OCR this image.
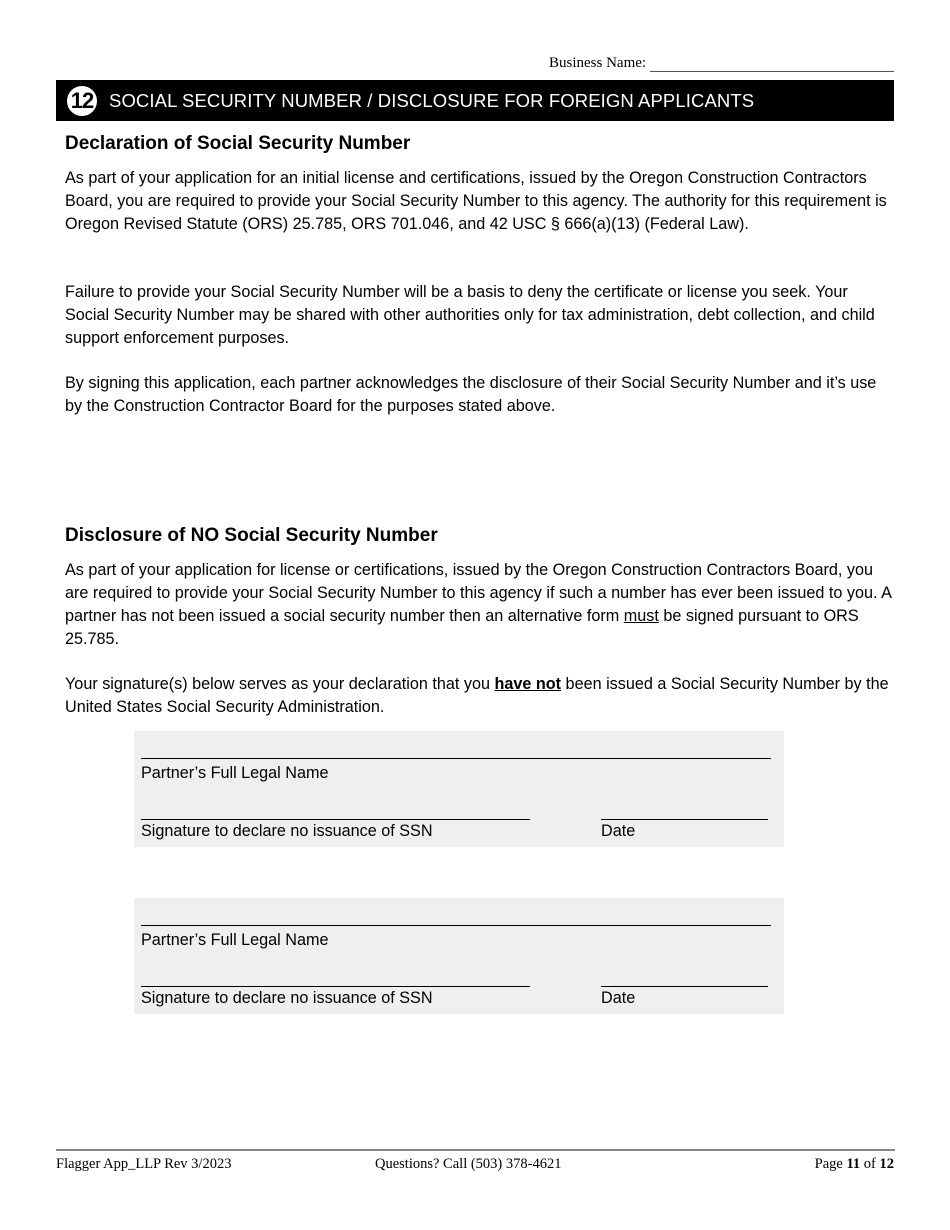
Business Name:
12 SOCIAL SECURITY NUMBER / DISCLOSURE FOR FOREIGN APPLICANTS
Declaration of Social Security Number
As part of your application for an initial license and certifications, issued by the Oregon Construction Contractors Board, you are required to provide your Social Security Number to this agency. The authority for this requirement is Oregon Revised Statute (ORS) 25.785, ORS 701.046, and 42 USC § 666(a)(13) (Federal Law).
Failure to provide your Social Security Number will be a basis to deny the certificate or license you seek. Your Social Security Number may be shared with other authorities only for tax administration, debt collection, and child support enforcement purposes.
By signing this application, each partner acknowledges the disclosure of their Social Security Number and it’s use by the Construction Contractor Board for the purposes stated above.
Disclosure of NO Social Security Number
As part of your application for license or certifications, issued by the Oregon Construction Contractors Board, you are required to provide your Social Security Number to this agency if such a number has ever been issued to you. A partner has not been issued a social security number then an alternative form must be signed pursuant to ORS 25.785.
Your signature(s) below serves as your declaration that you have not been issued a Social Security Number by the United States Social Security Administration.
Partner’s Full Legal Name
Signature to declare no issuance of SSN	Date
Partner’s Full Legal Name
Signature to declare no issuance of SSN	Date
Flagger App_LLP Rev 3/2023	Questions? Call (503) 378-4621	Page 11 of 12
